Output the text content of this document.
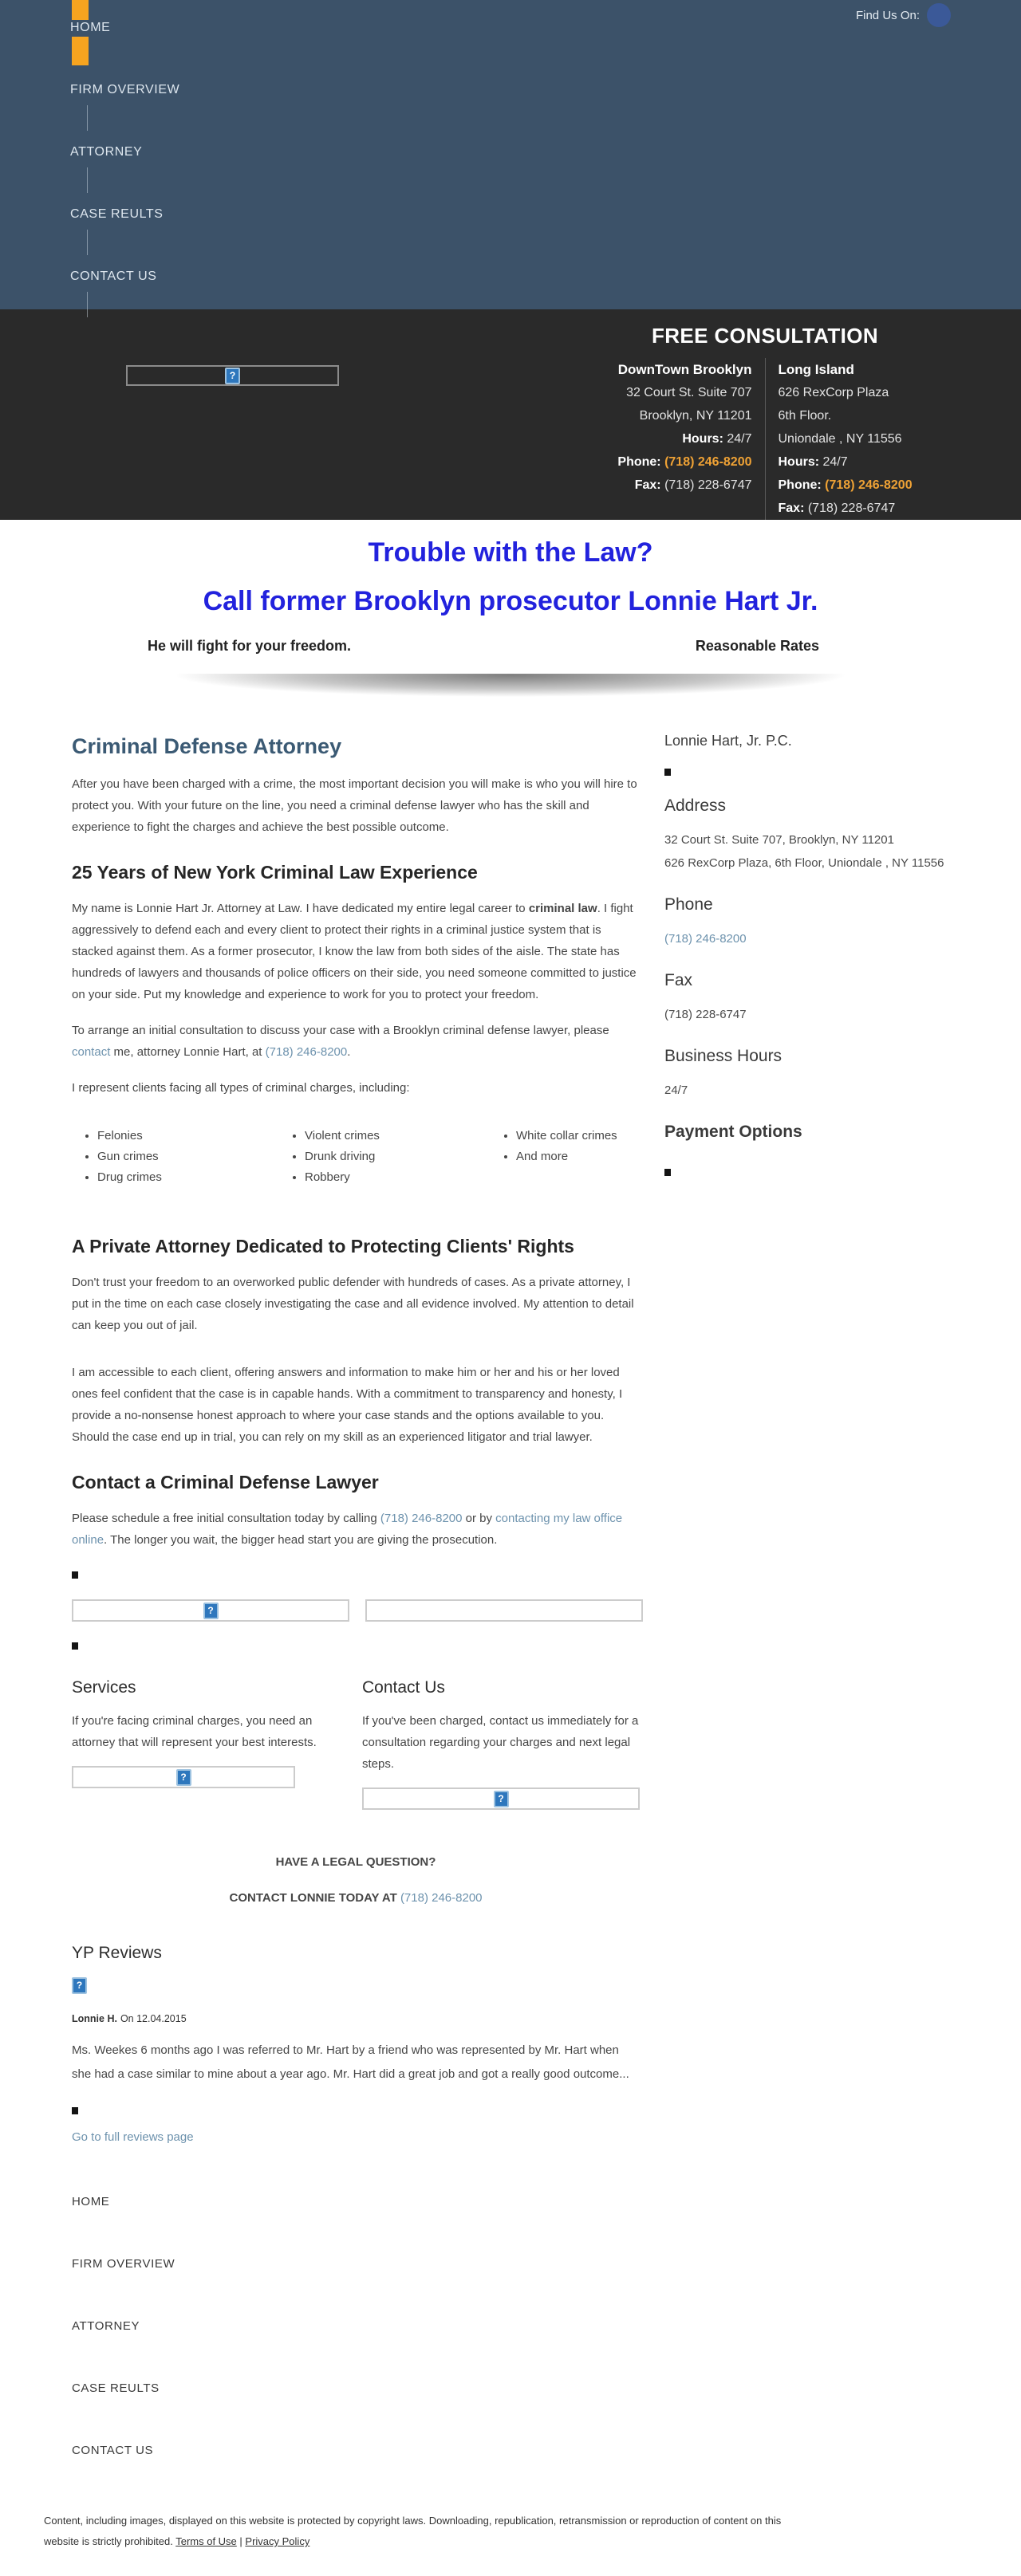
HOME
FIRM OVERVIEW
ATTORNEY
CASE REULTS
CONTACT US
Find Us On:
?
FREE CONSULTATION
DownTown Brooklyn
32 Court St. Suite 707
Brooklyn, NY 11201
Hours: 24/7
Phone: (718) 246-8200
Fax: (718) 228-6747
Long Island
626 RexCorp Plaza
6th Floor.
Uniondale , NY 11556
Hours: 24/7
Phone: (718) 246-8200
Fax: (718) 228-6747

Trouble with the Law?

Call former Brooklyn prosecutor Lonnie Hart Jr.

He will fight for your freedom.	Reasonable Rates
Criminal Defense Attorney

After you have been charged with a crime, the most important decision you will make is who you will hire to protect you. With your future on the line, you need a criminal defense lawyer who has the skill and experience to fight the charges and achieve the best possible outcome.

25 Years of New York Criminal Law Experience

My name is Lonnie Hart Jr. Attorney at Law. I have dedicated my entire legal career to criminal law. I fight aggressively to defend each and every client to protect their rights in a criminal justice system that is stacked against them. As a former prosecutor, I know the law from both sides of the aisle. The state has hundreds of lawyers and thousands of police officers on their side, you need someone committed to justice on your side. Put my knowledge and experience to work for you to protect your freedom.

To arrange an initial consultation to discuss your case with a Brooklyn criminal defense lawyer, please contact me, attorney Lonnie Hart, at (718) 246-8200.

I represent clients facing all types of criminal charges, including:

• Felonies
• Gun crimes
• Drug crimes
• Violent crimes
• Drunk driving
• Robbery
• White collar crimes
• And more
A Private Attorney Dedicated to Protecting Clients' Rights

Don't trust your freedom to an overworked public defender with hundreds of cases. As a private attorney, I put in the time on each case closely investigating the case and all evidence involved. My attention to detail can keep you out of jail.

I am accessible to each client, offering answers and information to make him or her and his or her loved ones feel confident that the case is in capable hands. With a commitment to transparency and honesty, I provide a no-nonsense honest approach to where your case stands and the options available to you. Should the case end up in trial, you can rely on my skill as an experienced litigator and trial lawyer.

Contact a Criminal Defense Lawyer

Please schedule a free initial consultation today by calling (718) 246-8200 or by contacting my law office online. The longer you wait, the bigger head start you are giving the prosecution.

?
Services

If you're facing criminal charges, you need an attorney that will represent your best interests.

?
Contact Us

If you've been charged, contact us immediately for a consultation regarding your charges and next legal steps.

?

HAVE A LEGAL QUESTION?

CONTACT LONNIE TODAY AT (718) 246-8200

YP Reviews
?
Lonnie H. On 12.04.2015

Ms. Weekes 6 months ago I was referred to Mr. Hart by a friend who was represented by Mr. Hart when she had a case similar to mine about a year ago. Mr. Hart did a great job and got a really good outcome...

Go to full reviews page
Lonnie Hart, Jr. P.C.
Address

32 Court St. Suite 707, Brooklyn, NY 11201
626 RexCorp Plaza, 6th Floor, Uniondale , NY 11556

Phone

(718) 246-8200

Fax

(718) 228-6747

Business Hours

24/7

Payment Options
HOME
FIRM OVERVIEW
ATTORNEY
CASE REULTS
CONTACT US
Content, including images, displayed on this website is protected by copyright laws. Downloading, republication, retransmission or reproduction of content on this website is strictly prohibited. Terms of Use | Privacy Policy
